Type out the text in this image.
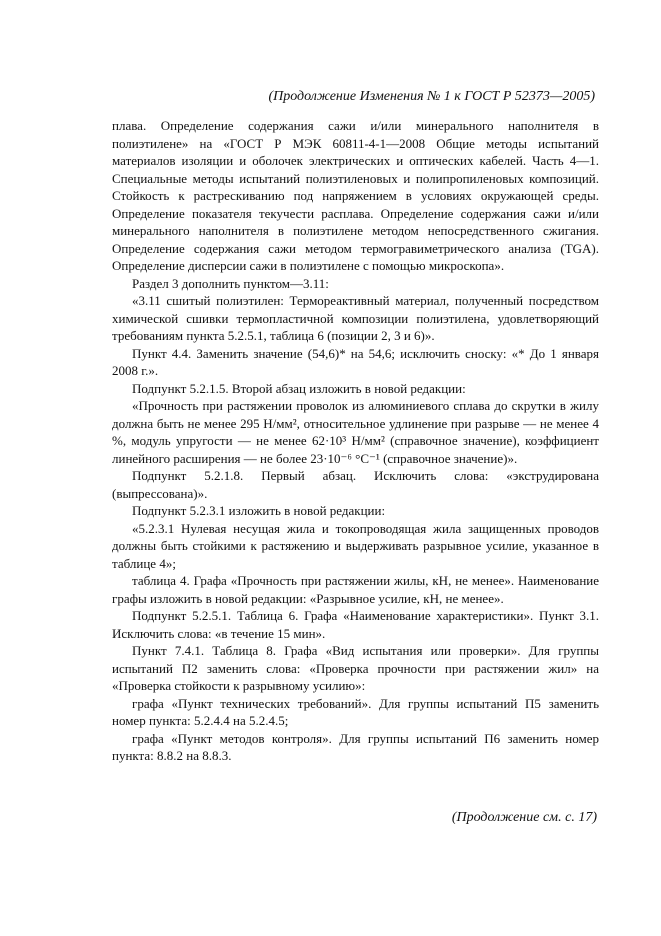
(Продолжение Изменения № 1 к ГОСТ Р 52373—2005)

плава. Определение содержания сажи и/или минерального наполнителя в полиэтилене» на «ГОСТ Р МЭК 60811-4-1—2008 Общие методы испытаний материалов изоляции и оболочек электрических и оптических кабелей. Часть 4—1. Специальные методы испытаний полиэтиленовых и полипропиленовых композиций. Стойкость к растрескиванию под напряжением в условиях окружающей среды. Определение показателя текучести расплава. Определение содержания сажи и/или минерального наполнителя в полиэтилене методом непосредственного сжигания. Определение содержания сажи методом термогравиметрического анализа (TGA). Определение дисперсии сажи в полиэтилене с помощью микроскопа».

Раздел 3 дополнить пунктом—3.11:

«3.11 сшитый полиэтилен: Термореактивный материал, полученный посредством химической сшивки термопластичной композиции полиэтилена, удовлетворяющий требованиям пункта 5.2.5.1, таблица 6 (позиции 2, 3 и 6)».

Пункт 4.4. Заменить значение (54,6)* на 54,6; исключить сноску: «* До 1 января 2008 г.».

Подпункт 5.2.1.5. Второй абзац изложить в новой редакции:

«Прочность при растяжении проволок из алюминиевого сплава до скрутки в жилу должна быть не менее 295 Н/мм², относительное удлинение при разрыве — не менее 4 %, модуль упругости — не менее 62·10³ Н/мм² (справочное значение), коэффициент линейного расширения — не более 23·10⁻⁶ °С⁻¹ (справочное значение)».

Подпункт 5.2.1.8. Первый абзац. Исключить слова: «экструдирована (выпрессована)».

Подпункт 5.2.3.1 изложить в новой редакции:

«5.2.3.1 Нулевая несущая жила и токопроводящая жила защищенных проводов должны быть стойкими к растяжению и выдерживать разрывное усилие, указанное в таблице 4»;

таблица 4. Графа «Прочность при растяжении жилы, кН, не менее». Наименование графы изложить в новой редакции: «Разрывное усилие, кН, не менее».

Подпункт 5.2.5.1. Таблица 6. Графа «Наименование характеристики». Пункт 3.1. Исключить слова: «в течение 15 мин».

Пункт 7.4.1. Таблица 8. Графа «Вид испытания или проверки». Для группы испытаний П2 заменить слова: «Проверка прочности при растяжении жил» на «Проверка стойкости к разрывному усилию»:

графа «Пункт технических требований». Для группы испытаний П5 заменить номер пункта: 5.2.4.4 на 5.2.4.5;

графа «Пункт методов контроля». Для группы испытаний П6 заменить номер пункта: 8.8.2 на 8.8.3.

(Продолжение см. с. 17)
